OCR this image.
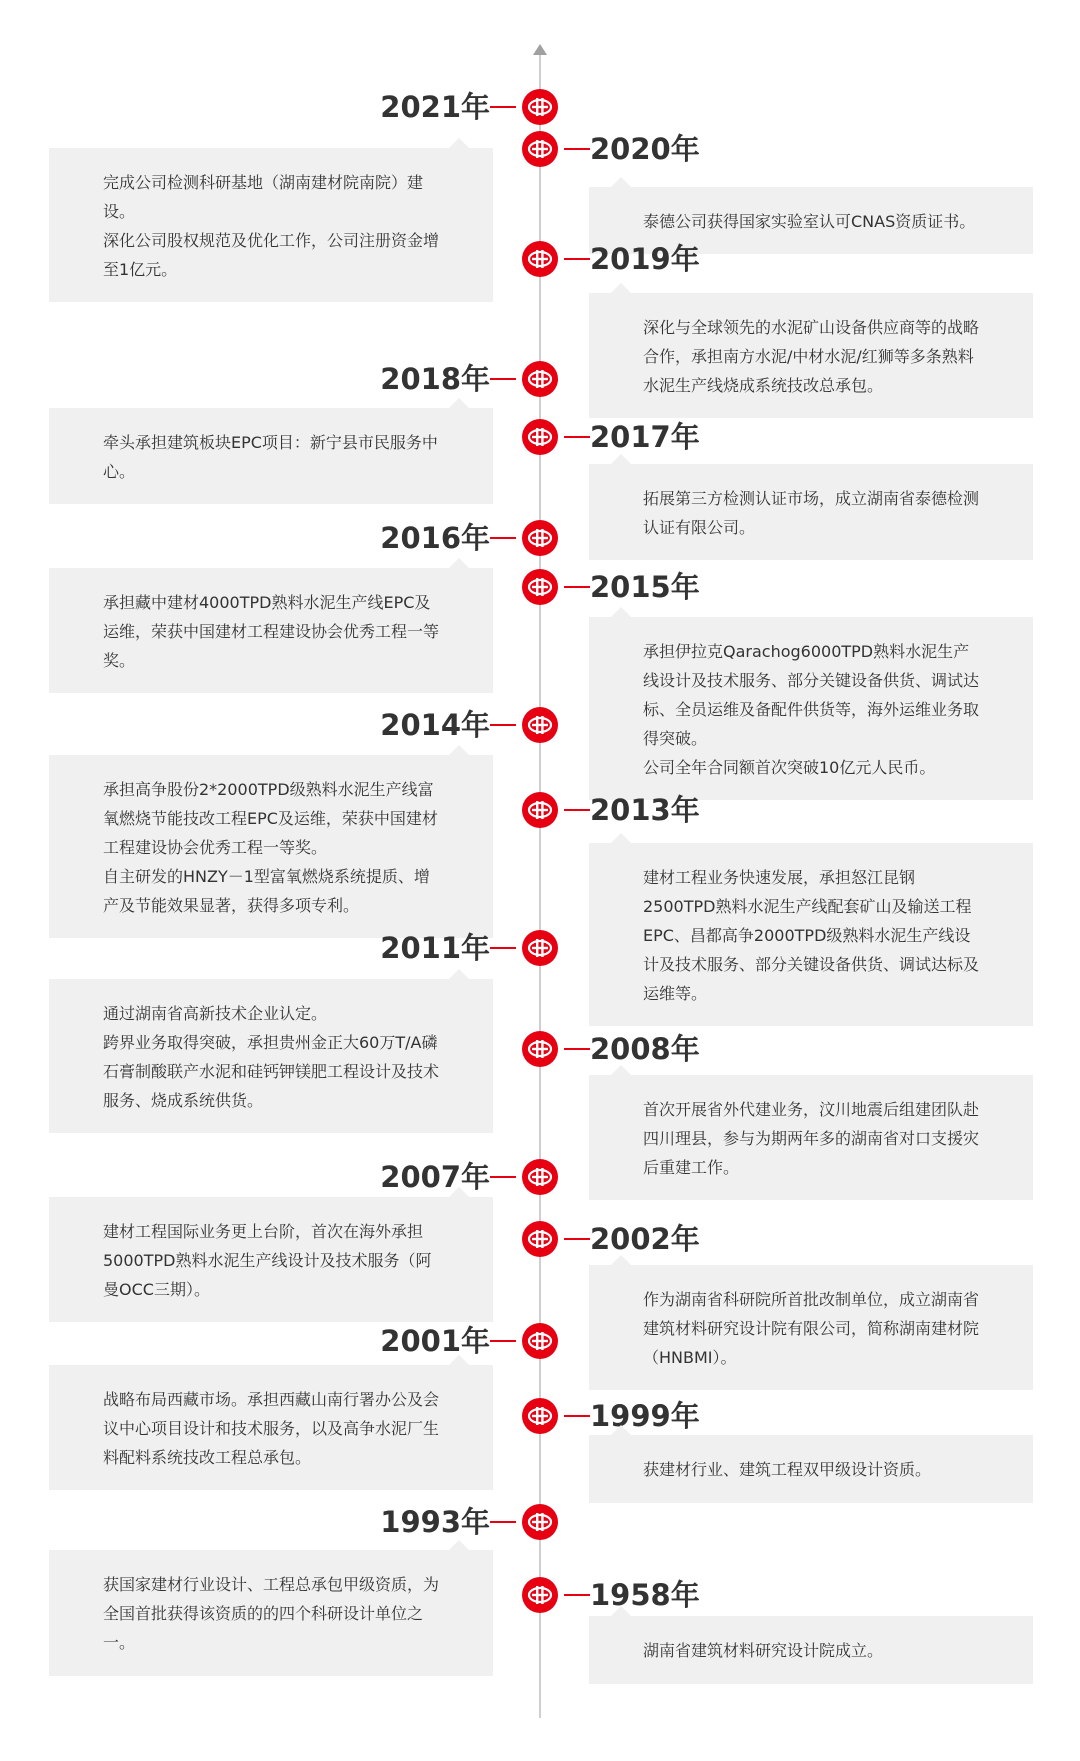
2021年

完成公司检测科研基地（湖南建材院南院）建设。

深化公司股权规范及优化工作，公司注册资金增至1亿元。

2020年

泰德公司获得国家实验室认可CNAS资质证书。

2019年

深化与全球领先的水泥矿山设备供应商等的战略合作，承担南方水泥/中材水泥/红狮等多条熟料水泥生产线烧成系统技改总承包。

2018年

牵头承担建筑板块EPC项目：新宁县市民服务中心。

2017年

拓展第三方检测认证市场，成立湖南省泰德检测认证有限公司。

2016年

承担藏中建材4000TPD熟料水泥生产线EPC及运维，荣获中国建材工程建设协会优秀工程一等奖。

2015年

承担伊拉克Qarachog6000TPD熟料水泥生产线设计及技术服务、部分关键设备供货、调试达标、全员运维及备配件供货等，海外运维业务取得突破。

公司全年合同额首次突破10亿元人民币。

2014年

承担高争股份2*2000TPD级熟料水泥生产线富氧燃烧节能技改工程EPC及运维，荣获中国建材工程建设协会优秀工程一等奖。

自主研发的HNZY－1型富氧燃烧系统提质、增产及节能效果显著，获得多项专利。

2013年

建材工程业务快速发展，承担怒江昆钢2500TPD熟料水泥生产线配套矿山及输送工程EPC、昌都高争2000TPD级熟料水泥生产线设计及技术服务、部分关键设备供货、调试达标及运维等。

2011年

通过湖南省高新技术企业认定。

跨界业务取得突破，承担贵州金正大60万T/A磷石膏制酸联产水泥和硅钙钾镁肥工程设计及技术服务、烧成系统供货。

2008年

首次开展省外代建业务，汶川地震后组建团队赴四川理县，参与为期两年多的湖南省对口支援灾后重建工作。

2007年

建材工程国际业务更上台阶，首次在海外承担5000TPD熟料水泥生产线设计及技术服务（阿曼OCC三期）。

2002年

作为湖南省科研院所首批改制单位，成立湖南省建筑材料研究设计院有限公司，简称湖南建材院（HNBMI）。

2001年

战略布局西藏市场。承担西藏山南行署办公及会议中心项目设计和技术服务，以及高争水泥厂生料配料系统技改工程总承包。

1999年

获建材行业、建筑工程双甲级设计资质。

1993年

获国家建材行业设计、工程总承包甲级资质，为全国首批获得该资质的的四个科研设计单位之一。

1958年

湖南省建筑材料研究设计院成立。
